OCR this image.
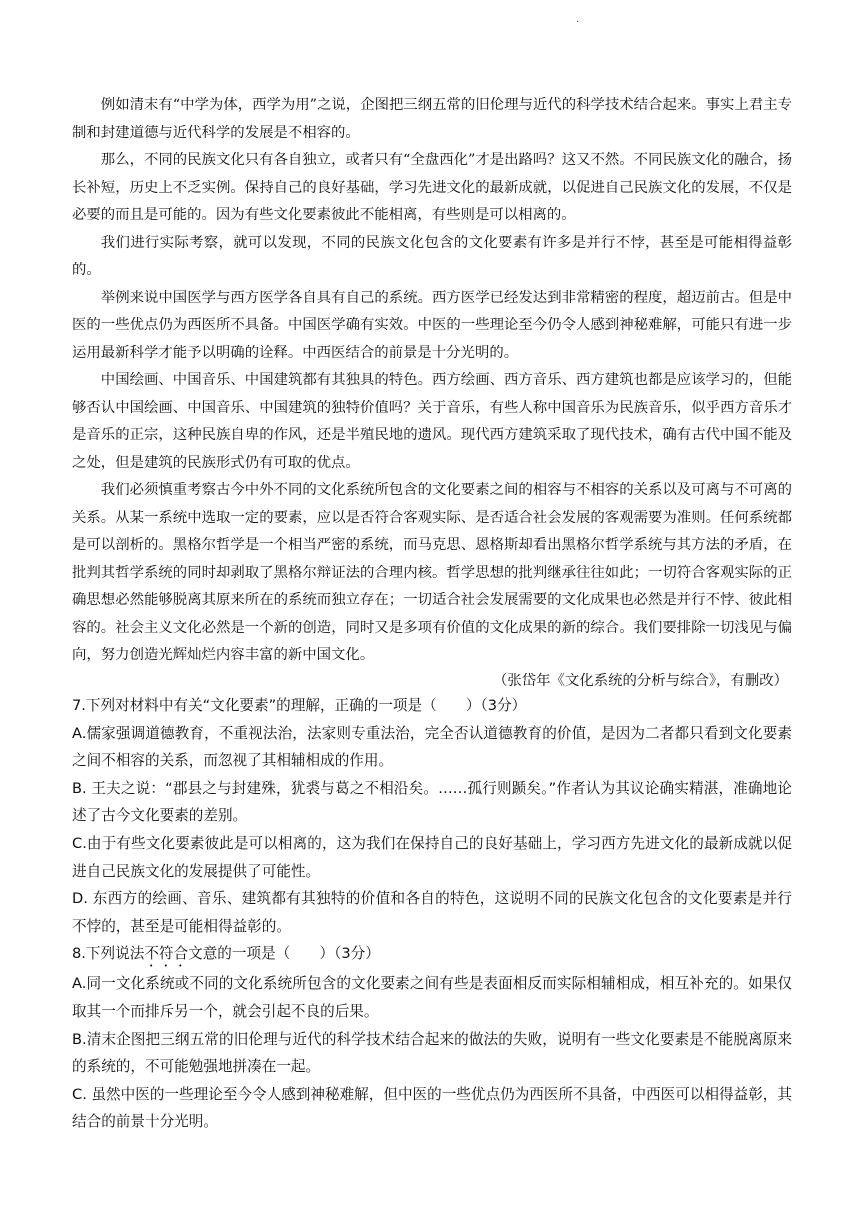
.

例如清末有“中学为体，西学为用”之说，企图把三纲五常的旧伦理与近代的科学技术结合起来。事实上君主专制和封建道德与近代科学的发展是不相容的。

那么，不同的民族文化只有各自独立，或者只有“全盘西化”才是出路吗？这又不然。不同民族文化的融合，扬长补短，历史上不乏实例。保持自己的良好基础，学习先进文化的最新成就，以促进自己民族文化的发展，不仅是必要的而且是可能的。因为有些文化要素彼此不能相离，有些则是可以相离的。

我们进行实际考察，就可以发现，不同的民族文化包含的文化要素有许多是并行不悖，甚至是可能相得益彰的。

举例来说中国医学与西方医学各自具有自己的系统。西方医学已经发达到非常精密的程度，超迈前古。但是中医的一些优点仍为西医所不具备。中国医学确有实效。中医的一些理论至今仍令人感到神秘难解，可能只有进一步运用最新科学才能予以明确的诠释。中西医结合的前景是十分光明的。

中国绘画、中国音乐、中国建筑都有其独具的特色。西方绘画、西方音乐、西方建筑也都是应该学习的，但能够否认中国绘画、中国音乐、中国建筑的独特价值吗？关于音乐，有些人称中国音乐为民族音乐，似乎西方音乐才是音乐的正宗，这种民族自卑的作风，还是半殖民地的遗风。现代西方建筑采取了现代技术，确有古代中国不能及之处，但是建筑的民族形式仍有可取的优点。

我们必须慎重考察古今中外不同的文化系统所包含的文化要素之间的相容与不相容的关系以及可离与不可离的关系。从某一系统中选取一定的要素，应以是否符合客观实际、是否适合社会发展的客观需要为准则。任何系统都是可以剖析的。黑格尔哲学是一个相当严密的系统，而马克思、恩格斯却看出黑格尔哲学系统与其方法的矛盾，在批判其哲学系统的同时却剥取了黑格尔辩证法的合理内核。哲学思想的批判继承往往如此；一切符合客观实际的正确思想必然能够脱离其原来所在的系统而独立存在；一切适合社会发展需要的文化成果也必然是并行不悖、彼此相容的。社会主义文化必然是一个新的创造，同时又是多项有价值的文化成果的新的综合。我们要排除一切浅见与偏向，努力创造光辉灿烂内容丰富的新中国文化。

（张岱年《文化系统的分析与综合》，有删改）

7.下列对材料中有关“文化要素”的理解，正确的一项是（　　）（3分）

A.儒家强调道德教育，不重视法治，法家则专重法治，完全否认道德教育的价值，是因为二者都只看到文化要素之间不相容的关系，而忽视了其相辅相成的作用。

B. 王夫之说：“郡县之与封建殊，犹裘与葛之不相沿矣。……孤行则踬矣。”作者认为其议论确实精湛，准确地论述了古今文化要素的差别。

C.由于有些文化要素彼此是可以相离的，这为我们在保持自己的良好基础上，学习西方先进文化的最新成就以促进自己民族文化的发展提供了可能性。

D. 东西方的绘画、音乐、建筑都有其独特的价值和各自的特色，这说明不同的民族文化包含的文化要素是并行不悖的，甚至是可能相得益彰的。

8.下列说法不符合文意的一项是（　　）（3分）

A.同一文化系统或不同的文化系统所包含的文化要素之间有些是表面相反而实际相辅相成，相互补充的。如果仅取其一个而排斥另一个，就会引起不良的后果。

B.清末企图把三纲五常的旧伦理与近代的科学技术结合起来的做法的失败，说明有一些文化要素是不能脱离原来的系统的，不可能勉强地拼凑在一起。

C. 虽然中医的一些理论至今令人感到神秘难解，但中医的一些优点仍为西医所不具备，中西医可以相得益彰，其结合的前景十分光明。
